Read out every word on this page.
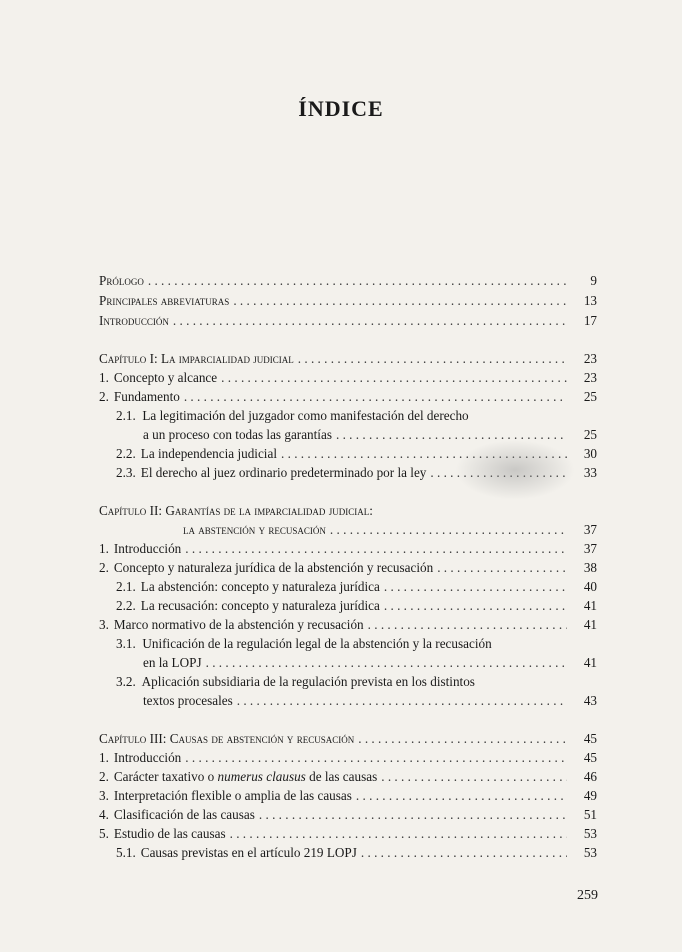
ÍNDICE
Prólogo . . .	9
Principales abreviaturas . . .	13
Introducción . . .	17
Capítulo I: La imparcialidad judicial . . .	23
1. Concepto y alcance . . .	23
2. Fundamento . . .	25
2.1. La legitimación del juzgador como manifestación del derecho
a un proceso con todas las garantías . . .	25
2.2. La independencia judicial . . .	30
2.3. El derecho al juez ordinario predeterminado por la ley . . .	33
Capítulo II: Garantías de la imparcialidad judicial:
la abstención y recusación . . .	37
1. Introducción . . .	37
2. Concepto y naturaleza jurídica de la abstención y recusación . . .	38
2.1. La abstención: concepto y naturaleza jurídica . . .	40
2.2. La recusación: concepto y naturaleza jurídica . . .	41
3. Marco normativo de la abstención y recusación . . .	41
3.1. Unificación de la regulación legal de la abstención y la recusación
en la LOPJ . . .	41
3.2. Aplicación subsidiaria de la regulación prevista en los distintos
textos procesales . . .	43
Capítulo III: Causas de abstención y recusación . . .	45
1. Introducción . . .	45
2. Carácter taxativo o numerus clausus de las causas . . .	46
3. Interpretación flexible o amplia de las causas . . .	49
4. Clasificación de las causas . . .	51
5. Estudio de las causas . . .	53
5.1. Causas previstas en el artículo 219 LOPJ . . .	53
259
